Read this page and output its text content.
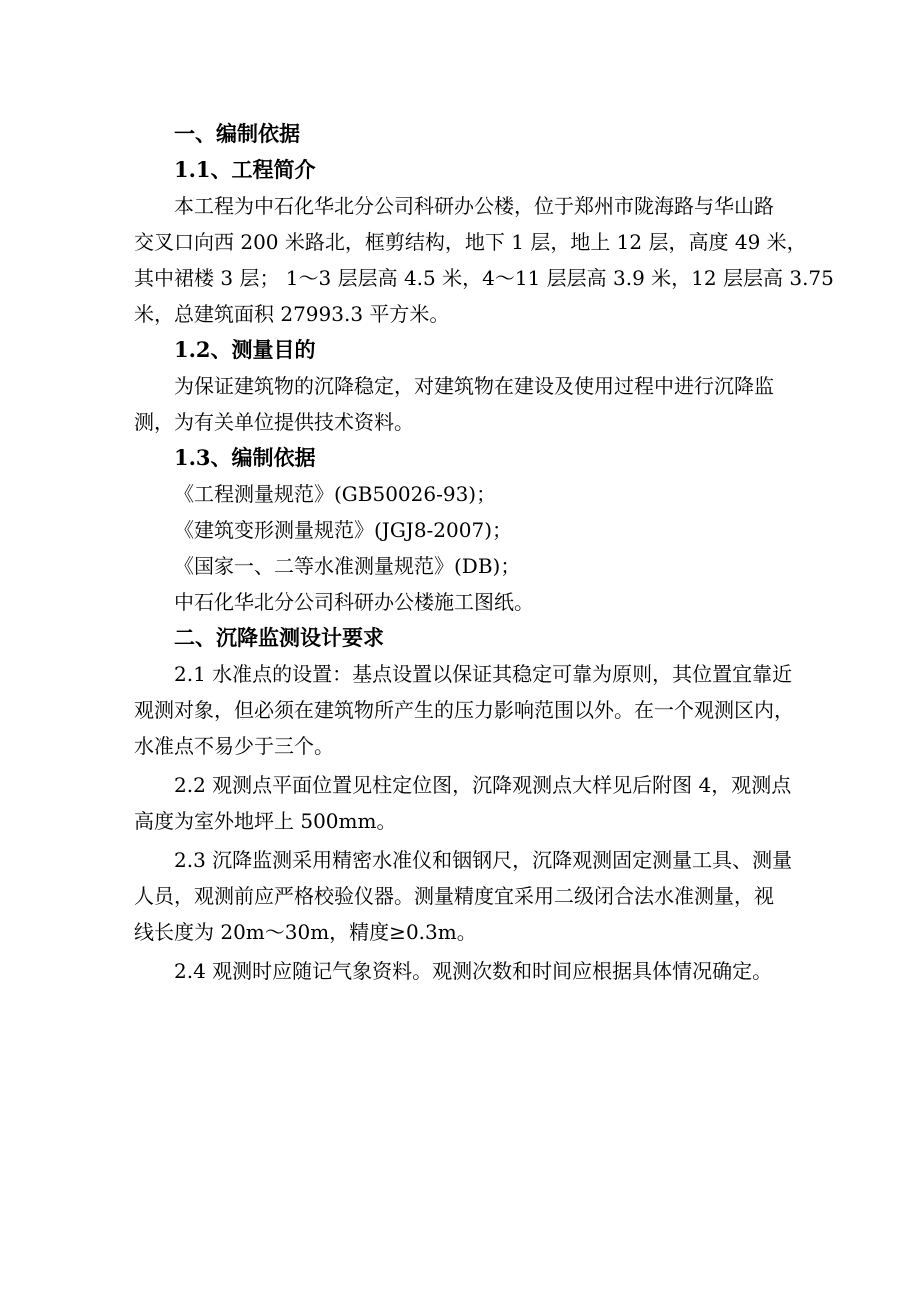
一、编制依据
1.1、工程简介
本工程为中石化华北分公司科研办公楼，位于郑州市陇海路与华山路
交叉口向西 200 米路北，框剪结构，地下 1 层，地上 12 层，高度 49 米，
其中裙楼 3 层； 1～3 层层高 4.5 米，4～11 层层高 3.9 米，12 层层高 3.75
米，总建筑面积 27993.3 平方米。
1.2、测量目的
为保证建筑物的沉降稳定，对建筑物在建设及使用过程中进行沉降监
测，为有关单位提供技术资料。
1.3、编制依据
《工程测量规范》(GB50026-93)；
《建筑变形测量规范》(JGJ8-2007)；
《国家一、二等水准测量规范》(DB)；
中石化华北分公司科研办公楼施工图纸。
二、沉降监测设计要求
2.1 水准点的设置：基点设置以保证其稳定可靠为原则，其位置宜靠近
观测对象，但必须在建筑物所产生的压力影响范围以外。在一个观测区内，
水准点不易少于三个。
2.2 观测点平面位置见柱定位图，沉降观测点大样见后附图 4，观测点
高度为室外地坪上 500mm。
2.3 沉降监测采用精密水准仪和铟钢尺，沉降观测固定测量工具、测量
人员，观测前应严格校验仪器。测量精度宜采用二级闭合法水准测量，视
线长度为 20m～30m，精度≥0.3m。
2.4 观测时应随记气象资料。观测次数和时间应根据具体情况确定。
